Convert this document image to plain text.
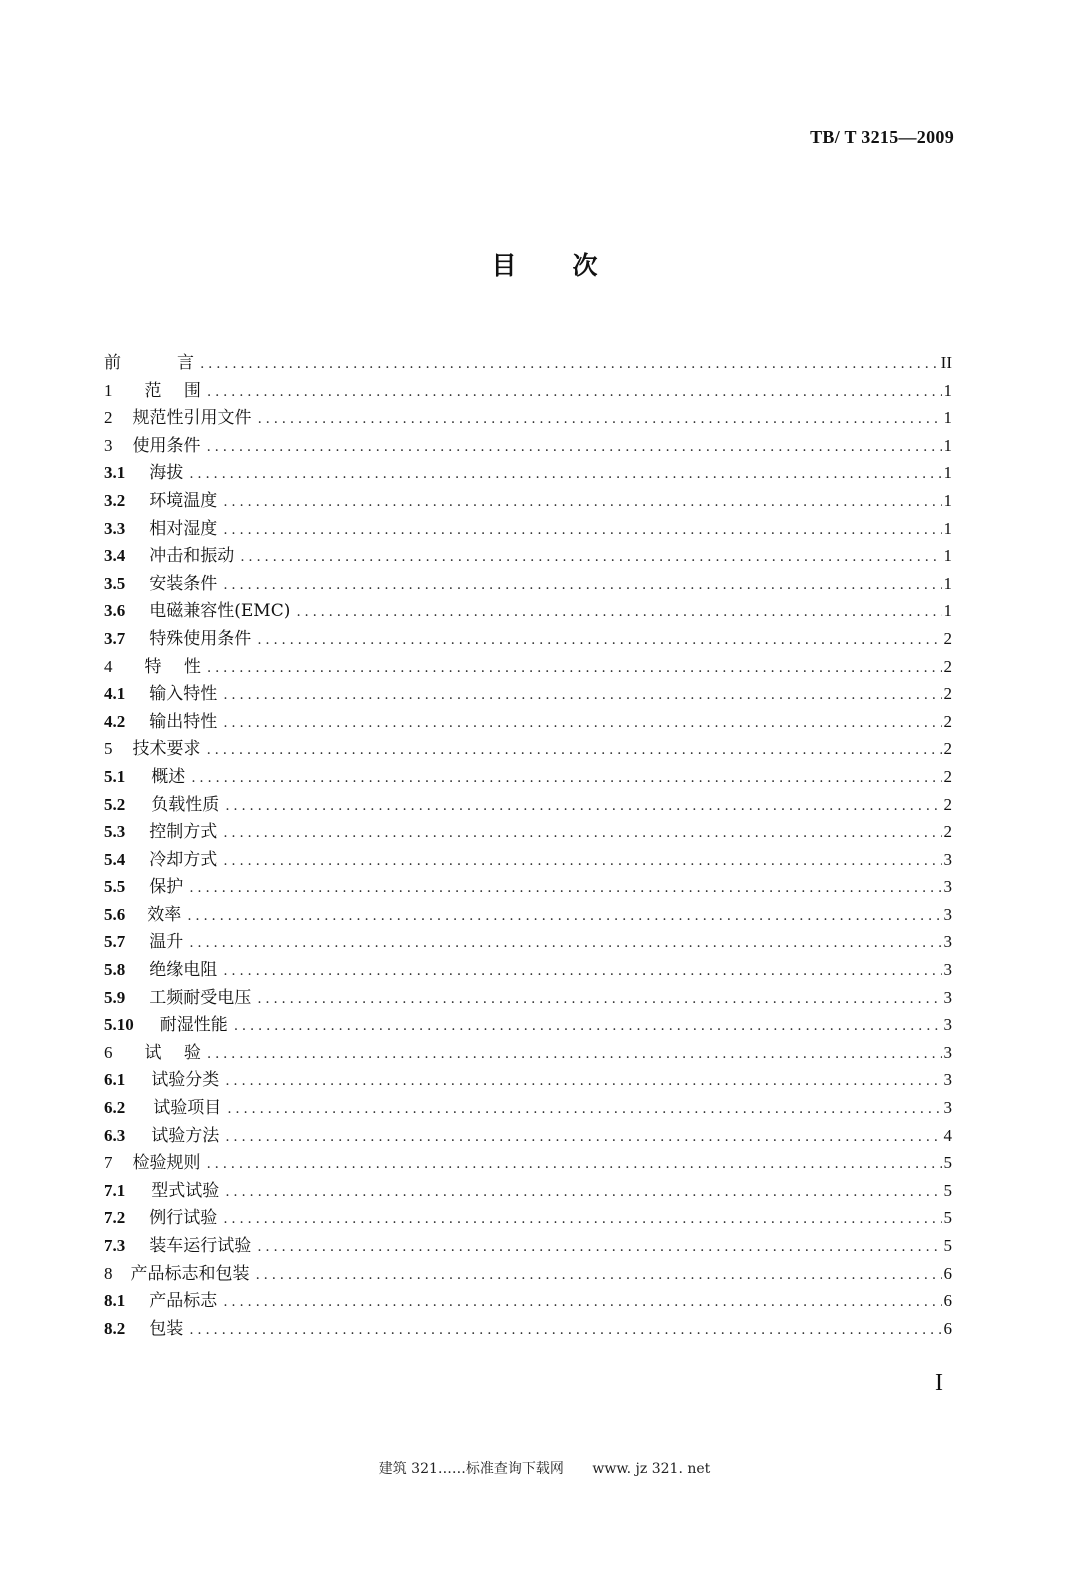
TB/ T 3215—2009
目次
前	言 .....	II
1 范　 围 .....	1
2 规范性引用文件 .....	1
3 使用条件 .....	1
3.1 海拔 .....	1
3.2 环境温度 .....	1
3.3 相对湿度 .....	1
3.4 冲击和振动 .....	1
3.5 安装条件 .....	1
3.6 电磁兼容性(EMC) .....	1
3.7 特殊使用条件 .....	2
4 特　 性 .....	2
4.1 输入特性 .....	2
4.2 输出特性 .....	2
5 技术要求 .....	2
5.1 概述 .....	2
5.2 负载性质 .....	2
5.3 控制方式 .....	2
5.4 冷却方式 .....	3
5.5 保护 .....	3
5.6 效率 .....	3
5.7 温升 .....	3
5.8 绝缘电阻 .....	3
5.9 工频耐受电压 .....	3
5.10 耐湿性能 .....	3
6 试　 验 .....	3
6.1 试验分类 .....	3
6.2 试验项目 .....	3
6.3 试验方法 .....	4
7 检验规则 .....	5
7.1 型式试验 .....	5
7.2 例行试验 .....	5
7.3 装车运行试验 .....	5
8 产品标志和包装 .....	6
8.1 产品标志 .....	6
8.2 包装 .....	6
I
建筑 321……标准查询下载网 www. jz 321. net
